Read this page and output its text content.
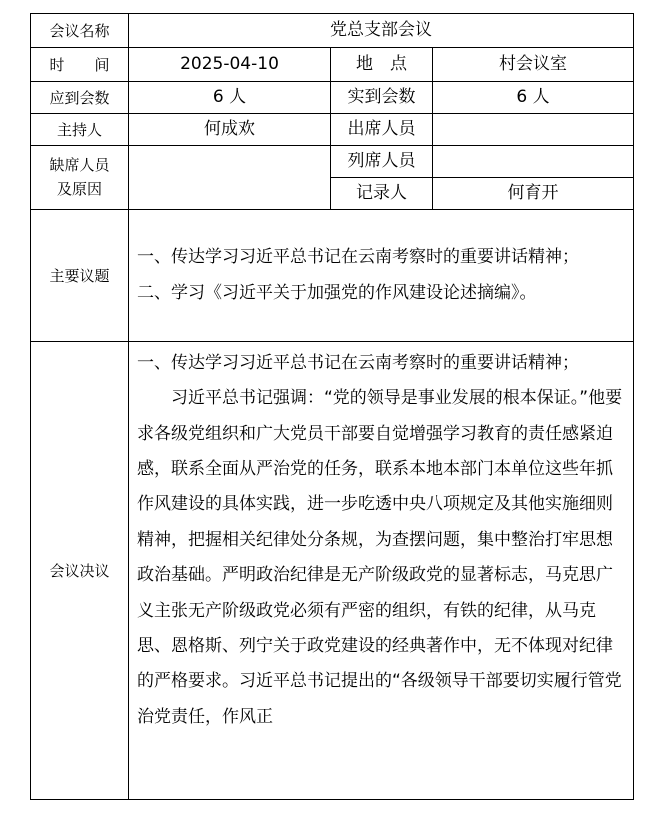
会议名称	党总支部会议		
时　　间	2025-04-10	地　点	村会议室
应到会数	6 人	实到会数	6 人
主持人	何成欢	出席人员	
缺席人员
及原因		列席人员	
		记录人	何育开
主要议题	一、传达学习习近平总书记在云南考察时的重要讲话精神；
二、学习《习近平关于加强党的作风建设论述摘编》。		

会议决议	一、传达学习习近平总书记在云南考察时的重要讲话精神；

习近平总书记强调：“党的领导是事业发展的根本保证。”他要求各级党组织和广大党员干部要自觉增强学习教育的责任感紧迫感，联系全面从严治党的任务，联系本地本部门本单位这些年抓作风建设的具体实践，进一步吃透中央八项规定及其他实施细则精神，把握相关纪律处分条规，为查摆问题，集中整治打牢思想政治基础。严明政治纪律是无产阶级政党的显著标志，马克思广义主张无产阶级政党必须有严密的组织，有铁的纪律，从马克思、恩格斯、列宁关于政党建设的经典著作中，无不体现对纪律的严格要求。习近平总书记提出的“各级领导干部要切实履行管党治党责任，作风正		
